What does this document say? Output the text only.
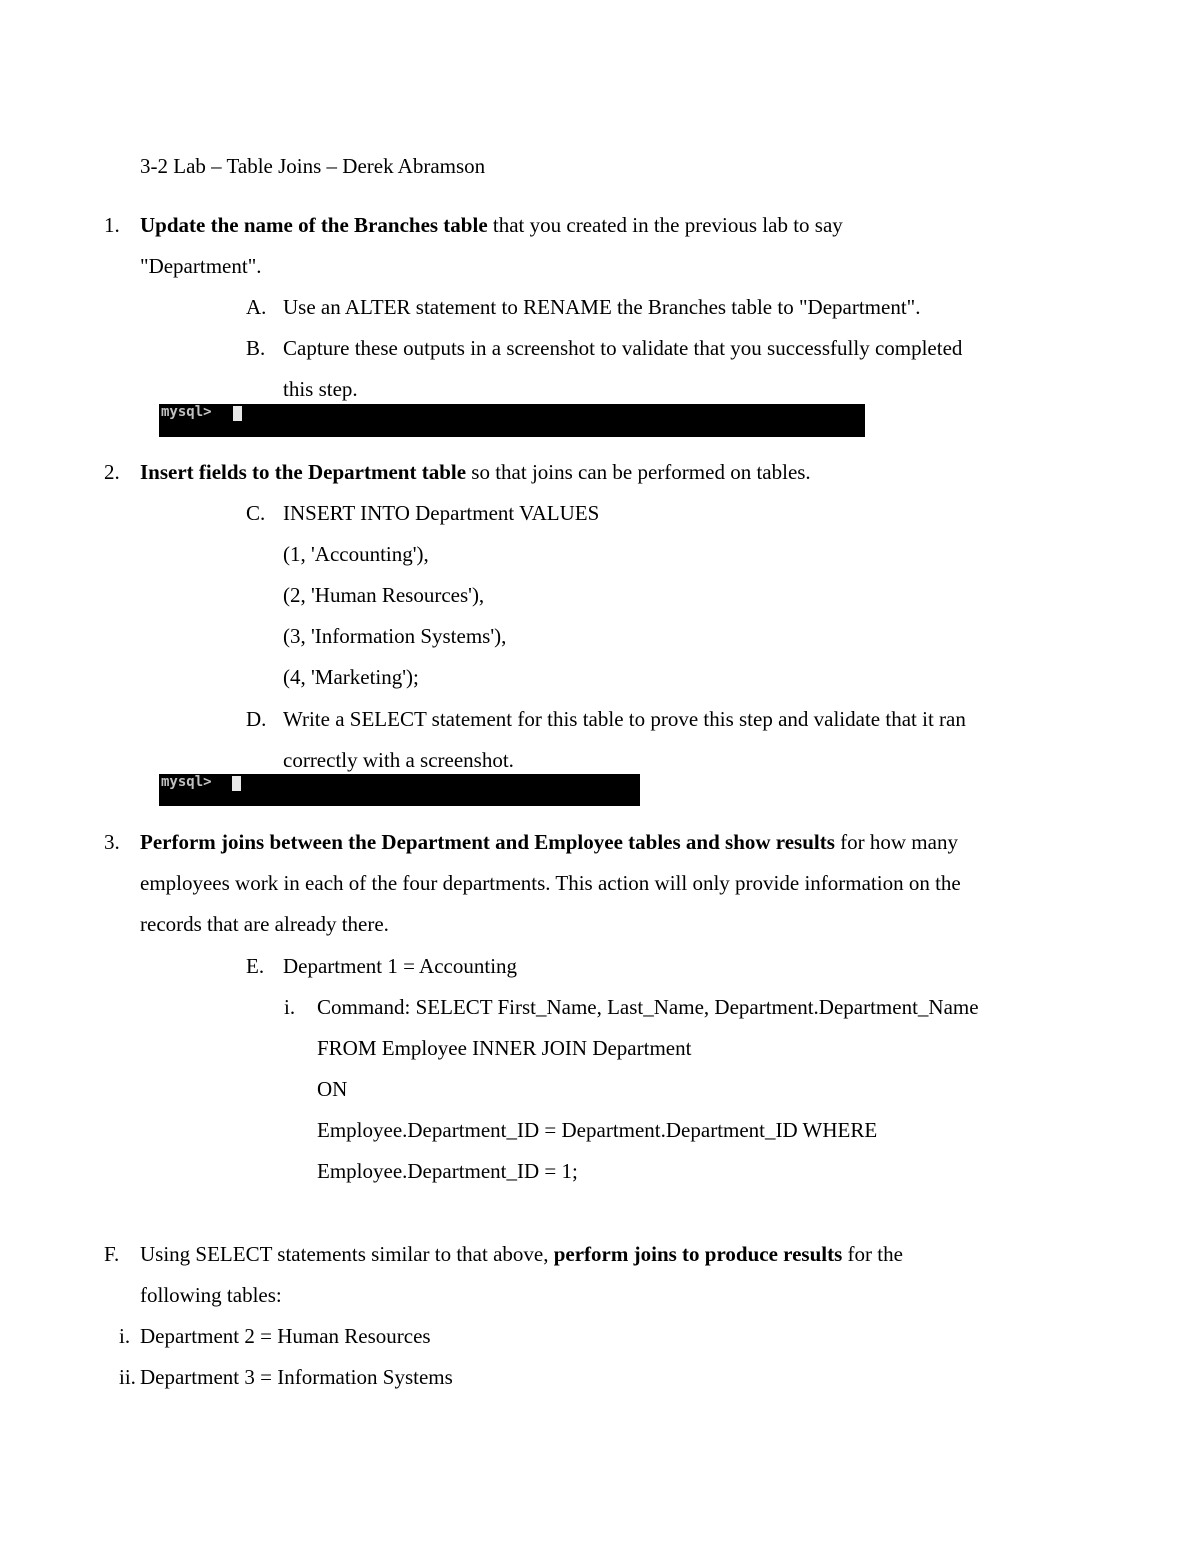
3-2 Lab – Table Joins – Derek Abramson
1. Update the name of the Branches table that you created in the previous lab to say
"Department".
A. Use an ALTER statement to RENAME the Branches table to "Department".
B. Capture these outputs in a screenshot to validate that you successfully completed
this step.
mysql>
2. Insert fields to the Department table so that joins can be performed on tables.
C. INSERT INTO Department VALUES
(1, 'Accounting'),
(2, 'Human Resources'),
(3, 'Information Systems'),
(4, 'Marketing');
D. Write a SELECT statement for this table to prove this step and validate that it ran
correctly with a screenshot.
mysql>
3. Perform joins between the Department and Employee tables and show results for how many
employees work in each of the four departments. This action will only provide information on the
records that are already there.
E. Department 1 = Accounting
i. Command: SELECT First_Name, Last_Name, Department.Department_Name
FROM Employee INNER JOIN Department
ON
Employee.Department_ID = Department.Department_ID WHERE
Employee.Department_ID = 1;
F. Using SELECT statements similar to that above, perform joins to produce results for the
following tables:
i. Department 2 = Human Resources
ii. Department 3 = Information Systems
